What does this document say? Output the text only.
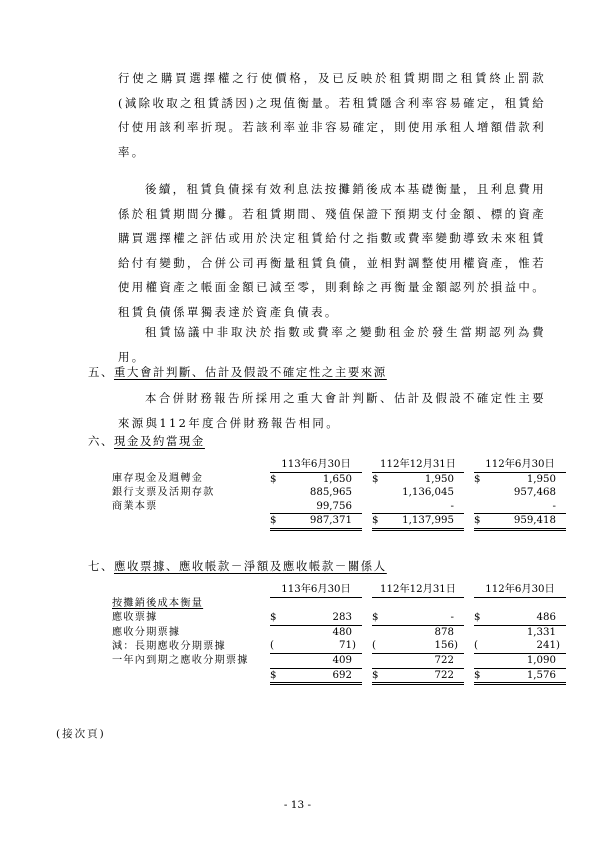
行使之購買選擇權之行使價格，及已反映於租賃期間之租賃終止罰款(減除收取之租賃誘因)之現值衡量。若租賃隱含利率容易確定，租賃給付使用該利率折現。若該利率並非容易確定，則使用承租人增額借款利率。

後續，租賃負債採有效利息法按攤銷後成本基礎衡量，且利息費用係於租賃期間分攤。若租賃期間、殘值保證下預期支付金額、標的資產購買選擇權之評估或用於決定租賃給付之指數或費率變動導致未來租賃給付有變動，合併公司再衡量租賃負債，並相對調整使用權資產，惟若使用權資產之帳面金額已減至零，則剩餘之再衡量金額認列於損益中。租賃負債係單獨表達於資產負債表。

租賃協議中非取決於指數或費率之變動租金於發生當期認列為費用。

五、重大會計判斷、估計及假設不確定性之主要來源

本合併財務報告所採用之重大會計判斷、估計及假設不確定性主要來源與112年度合併財務報告相同。

六、現金及約當現金
	113年6月30日				112年12月31日				112年6月30日		
庫存現金及週轉金	$	1,650			$	1,950			$	1,950	
銀行支票及活期存款		885,965				1,136,045				957,468	
商業本票		99,756				-				-	
	$	987,371			$	1,137,995			$	959,418	
七、應收票據、應收帳款－淨額及應收帳款－關係人
	113年6月30日				112年12月31日				112年6月30日		
按攤銷後成本衡量											
應收票據	$	283			$	-			$	486	
應收分期票據		480				878				1,331	
減：長期應收分期票據	(	71	)		(	156	)		(	241	)
一年內到期之應收分期票據		409				722				1,090	
	$	692			$	722			$	1,576	
(接次頁)
- 13 -
